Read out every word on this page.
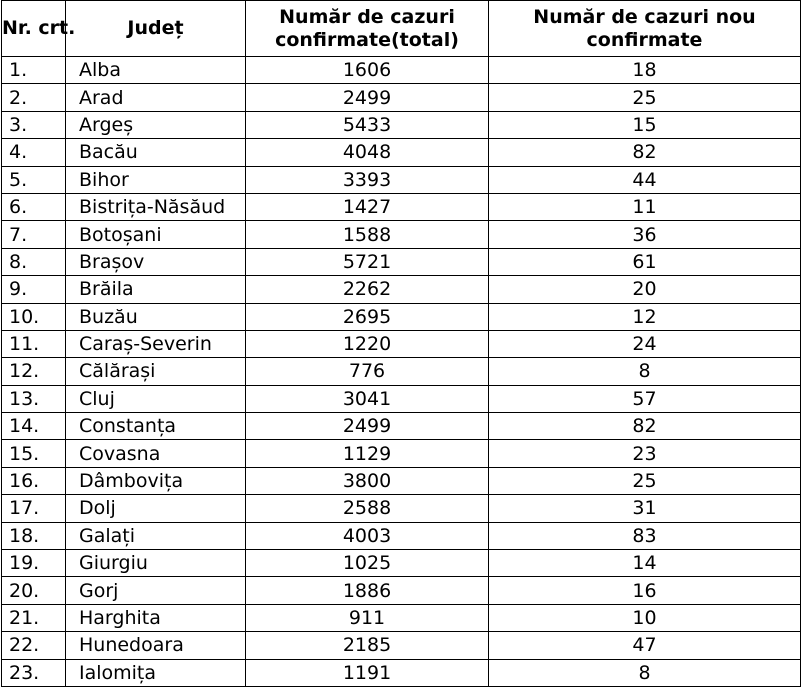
Nr. crt.	Județ	Număr de cazuri confirmate(total)	Număr de cazuri nou confirmate
1.	Alba	1606	18
2.	Arad	2499	25
3.	Argeș	5433	15
4.	Bacău	4048	82
5.	Bihor	3393	44
6.	Bistrița-Năsăud	1427	11
7.	Botoșani	1588	36
8.	Brașov	5721	61
9.	Brăila	2262	20
10.	Buzău	2695	12
11.	Caraș-Severin	1220	24
12.	Călărași	776	8
13.	Cluj	3041	57
14.	Constanța	2499	82
15.	Covasna	1129	23
16.	Dâmbovița	3800	25
17.	Dolj	2588	31
18.	Galați	4003	83
19.	Giurgiu	1025	14
20.	Gorj	1886	16
21.	Harghita	911	10
22.	Hunedoara	2185	47
23.	Ialomița	1191	8
